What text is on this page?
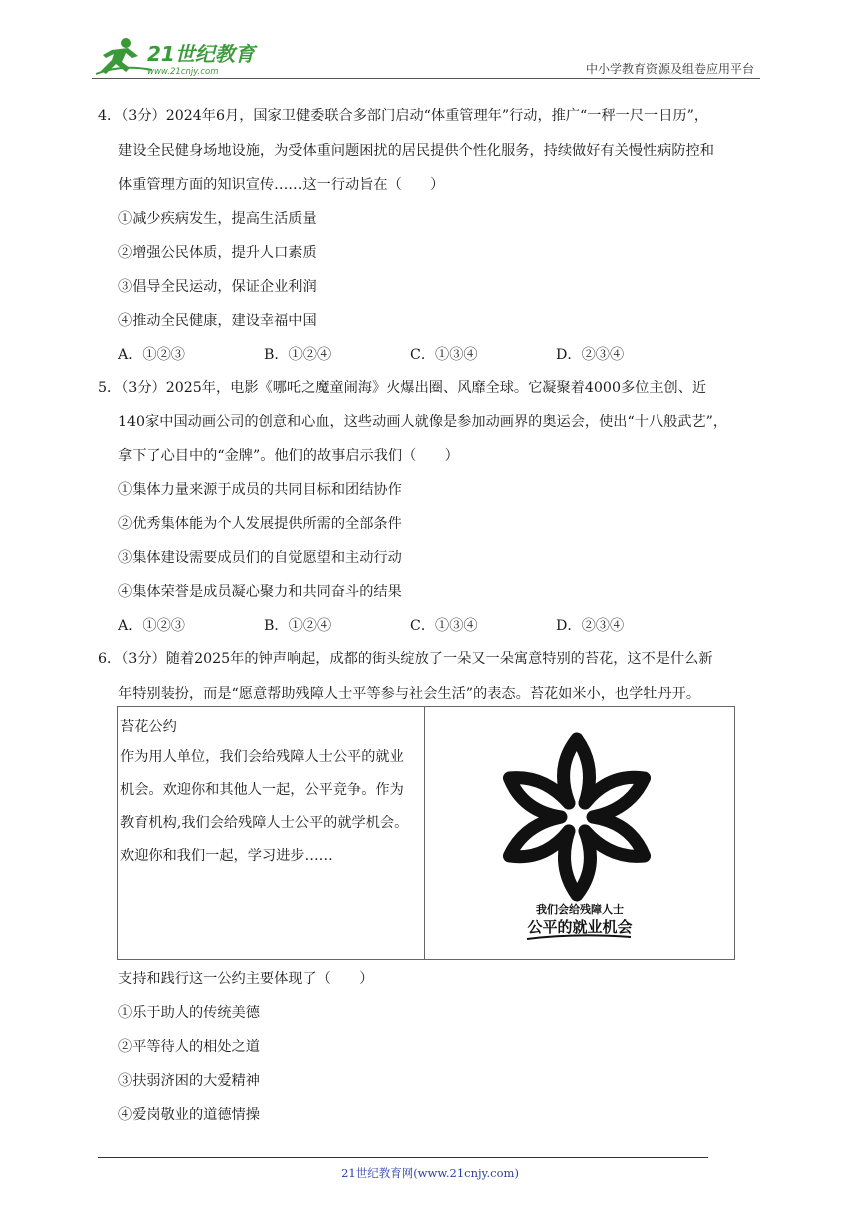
21世纪教育
www.21cnjy.com	中小学教育资源及组卷应用平台

4．（3分）2024年6月，国家卫健委联合多部门启动“体重管理年”行动，推广“一秤一尺一日历”，

建设全民健身场地设施，为受体重问题困扰的居民提供个性化服务，持续做好有关慢性病防控和

体重管理方面的知识宣传……这一行动旨在（　　）

①减少疾病发生，提高生活质量

②增强公民体质，提升人口素质

③倡导全民运动，保证企业利润

④推动全民健康，建设幸福中国

A．①②③	B．①②④	C．①③④	D．②③④

5．（3分）2025年，电影《哪吒之魔童闹海》火爆出圈、风靡全球。它凝聚着4000多位主创、近

140家中国动画公司的创意和心血，这些动画人就像是参加动画界的奥运会，使出“十八般武艺”，

拿下了心目中的“金牌”。他们的故事启示我们（　　）

①集体力量来源于成员的共同目标和团结协作

②优秀集体能为个人发展提供所需的全部条件

③集体建设需要成员们的自觉愿望和主动行动

④集体荣誉是成员凝心聚力和共同奋斗的结果

A．①②③	B．①②④	C．①③④	D．②③④

6．（3分）随着2025年的钟声响起，成都的街头绽放了一朵又一朵寓意特别的苔花，这不是什么新

年特别装扮，而是“愿意帮助残障人士平等参与社会生活”的表态。苔花如米小，也学牡丹开。

苔花公约
作为用人单位，我们会给残障人士公平的就业
机会。欢迎你和其他人一起，公平竞争。作为
教育机构,我们会给残障人士公平的就学机会。
欢迎你和我们一起，学习进步……
我们会给残障人士
公平的就业机会
支持和践行这一公约主要体现了（　　）
①乐于助人的传统美德
②平等待人的相处之道
③扶弱济困的大爱精神
④爱岗敬业的道德情操
21世纪教育网(www.21cnjy.com)
